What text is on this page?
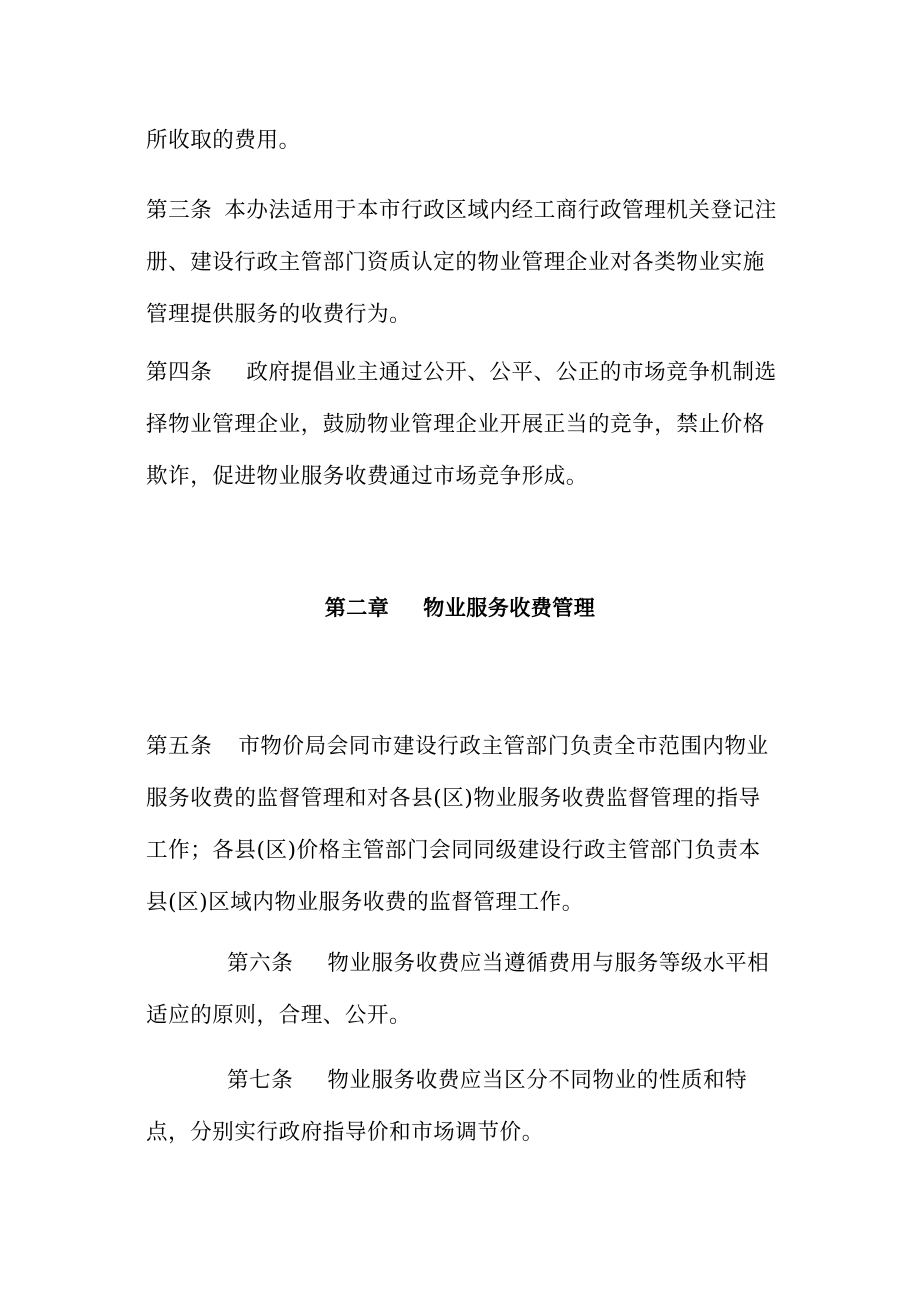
所收取的费用。

第三条 本办法适用于本市行政区域内经工商行政管理机关登记注册、建设行政主管部门资质认定的物业管理企业对各类物业实施管理提供服务的收费行为。

第四条 政府提倡业主通过公开、公平、公正的市场竞争机制选择物业管理企业，鼓励物业管理企业开展正当的竞争，禁止价格欺诈，促进物业服务收费通过市场竞争形成。

第二章 物业服务收费管理

第五条 市物价局会同市建设行政主管部门负责全市范围内物业服务收费的监督管理和对各县(区)物业服务收费监督管理的指导工作；各县(区)价格主管部门会同同级建设行政主管部门负责本县(区)区域内物业服务收费的监督管理工作。

第六条 物业服务收费应当遵循费用与服务等级水平相适应的原则，合理、公开。

第七条 物业服务收费应当区分不同物业的性质和特点，分别实行政府指导价和市场调节价。
